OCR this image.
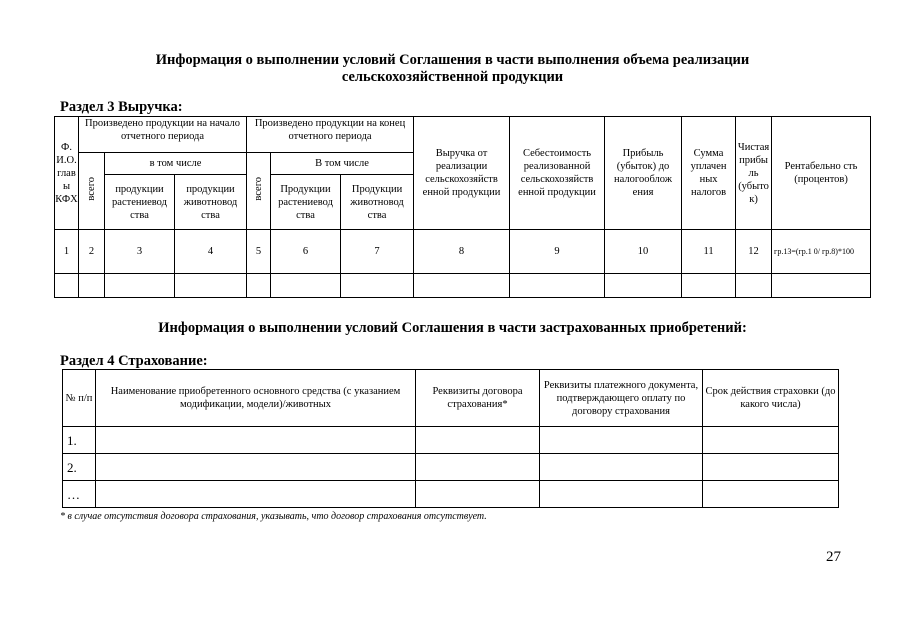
Информация о выполнении условий Соглашения в части выполнения объема реализации
сельскохозяйственной продукции
Раздел 3 Выручка:
Ф. И.О. глав ы КФХ	Произведено продукции на начало отчетного периода			Произведено продукции на конец отчетного периода			Выручка от реализации сельскохозяйств енной продукции	Себестоимость реализованной сельскохозяйств енной продукции	Прибыль (убыток) до налогооблож ения	Сумма уплачен ных налогов	Чистая прибы ль (убыто к)	Рентабельно сть (процентов)
	всего	в том числе		всего	В том числе							
		продукции растениевод ства	продукции животновод ства		Продукции растениевод ства	Продукции животновод ства						
1	2	3	4	5	6	7	8	9	10	11	12	гр.13=(гр.1 0/ гр.8)*100

Информация о выполнении условий Соглашения в части застрахованных приобретений:
Раздел 4 Страхование:
№ п/п	Наименование приобретенного основного средства (с указанием модификации, модели)/животных	Реквизиты договора страхования*	Реквизиты платежного документа, подтверждающего оплату по договору страхования	Срок действия страховки (до какого числа)
1.				
2.				
…				
* в случае отсутствия договора страхования, указывать, что договор страхования отсутствует.
27
